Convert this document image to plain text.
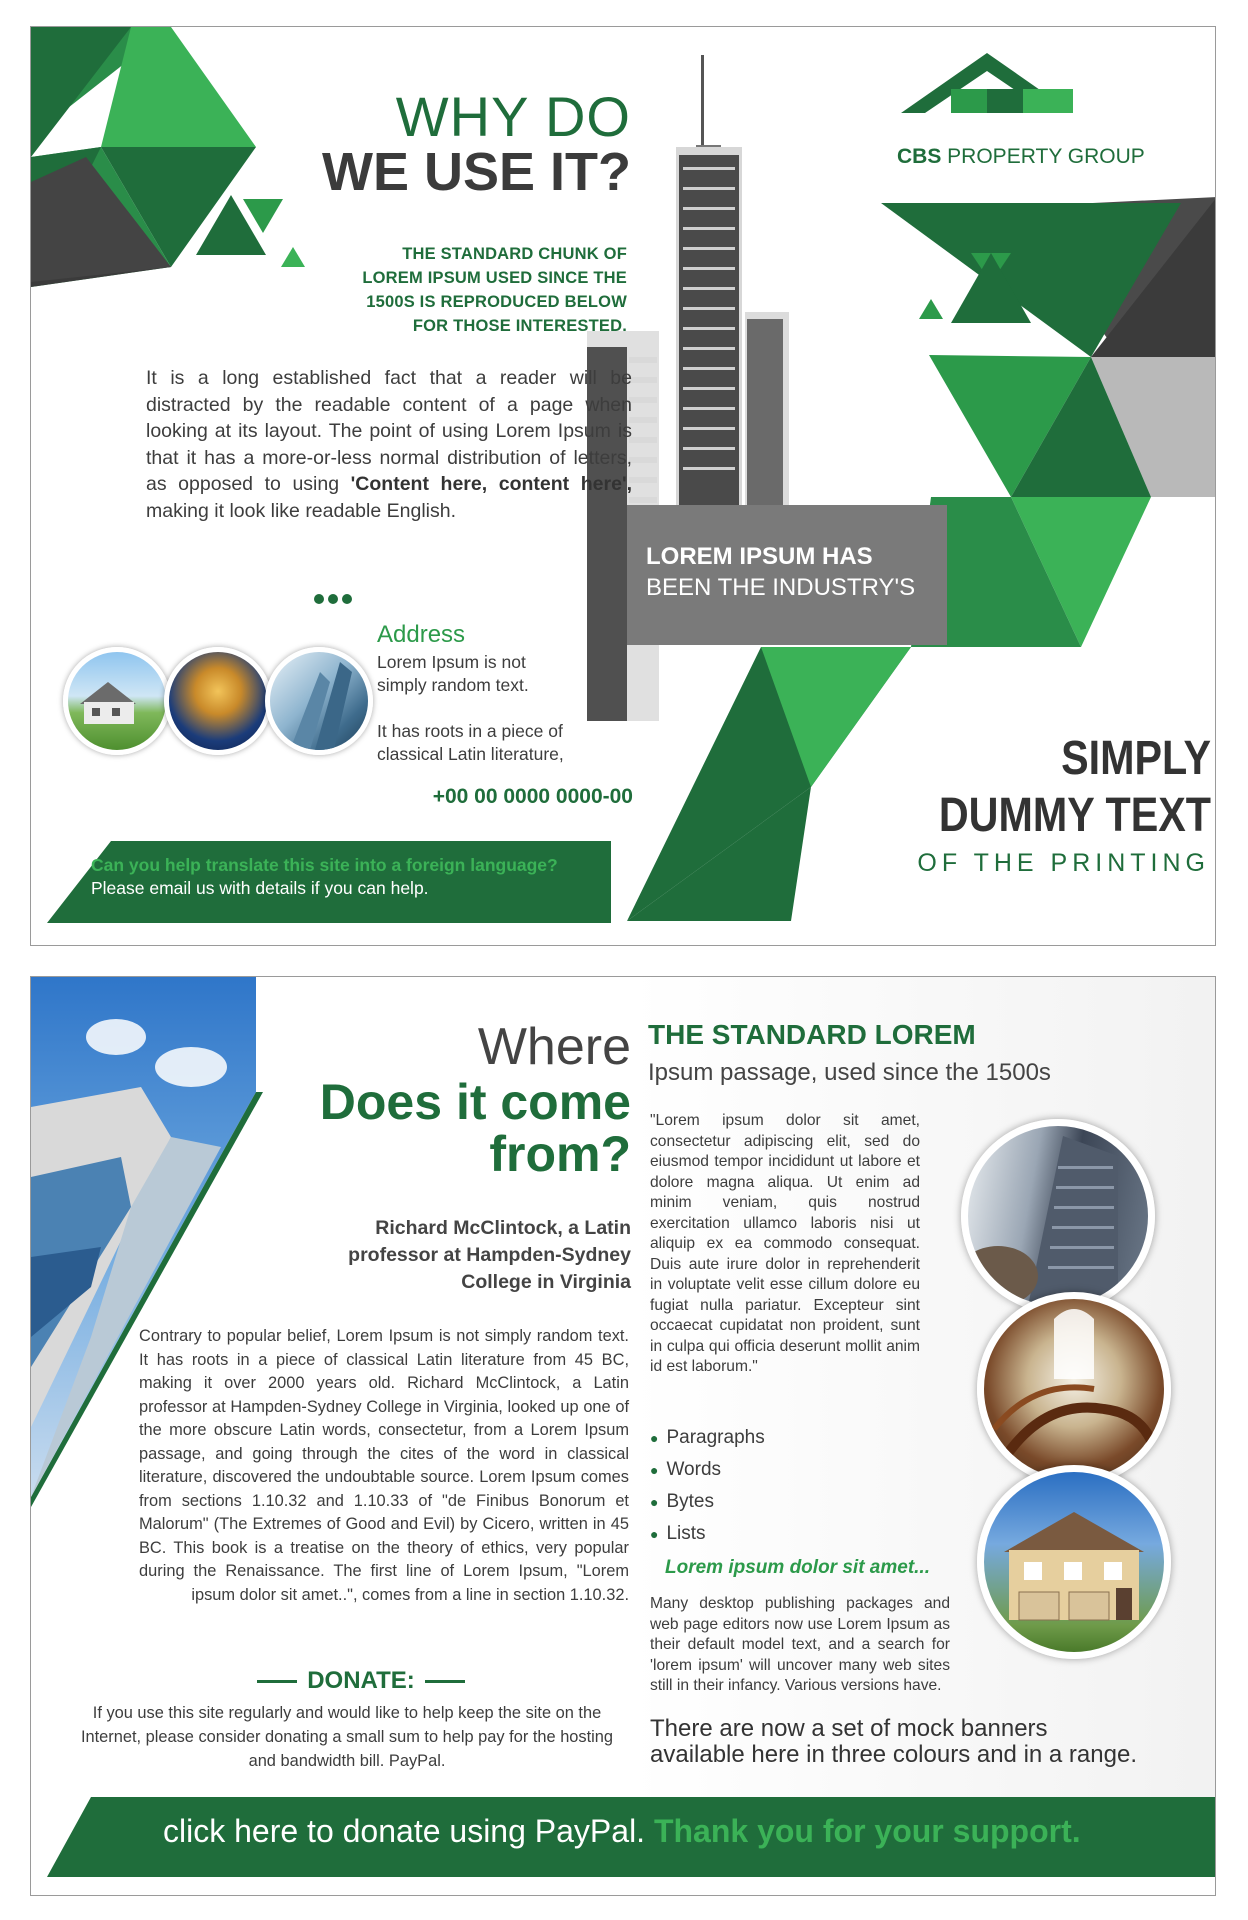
WHY DO
WE USE IT?
THE STANDARD CHUNK OF
LOREM IPSUM USED SINCE THE
1500S IS REPRODUCED BELOW
FOR THOSE INTERESTED.
It is a long established fact that a reader will be distracted by the readable content of a page when looking at its layout. The point of using Lorem Ipsum is that it has a more-or-less normal distribution of letters, as opposed to using 'Content here, content here', making it look like readable English.
Address
Lorem Ipsum is not
simply random text.
It has roots in a piece of
classical Latin literature,
+00 00 0000 0000-00
Can you help translate this site into a foreign language?
Please email us with details if you can help.
CBS PROPERTY GROUP
LOREM IPSUM HAS
BEEN THE INDUSTRY'S
SIMPLY
DUMMY TEXT
OF THE PRINTING
Where
Does it come
from?
Richard McClintock, a Latin
professor at Hampden-Sydney
College in Virginia
Contrary to popular belief, Lorem Ipsum is not simply random text. It has roots in a piece of classical Latin literature from 45 BC, making it over 2000 years old. Richard McClintock, a Latin professor at Hampden-Sydney College in Virginia, looked up one of the more obscure Latin words, consectetur, from a Lorem Ipsum passage, and going through the cites of the word in classical literature, discovered the undoubtable source. Lorem Ipsum comes from sections 1.10.32 and 1.10.33 of "de Finibus Bonorum et Malorum" (The Extremes of Good and Evil) by Cicero, written in 45 BC. This book is a treatise on the theory of ethics, very popular during the Renaissance. The first line of Lorem Ipsum, "Lorem ipsum dolor sit amet..", comes from a line in section 1.10.32.
DONATE:
If you use this site regularly and would like to help keep the site on the Internet, please consider donating a small sum to help pay for the hosting and bandwidth bill. PayPal.
THE STANDARD LOREM
Ipsum passage, used since the 1500s
"Lorem ipsum dolor sit amet, consectetur adipiscing elit, sed do eiusmod tempor incididunt ut labore et dolore magna aliqua. Ut enim ad minim veniam, quis nostrud exercitation ullamco laboris nisi ut aliquip ex ea commodo consequat. Duis aute irure dolor in reprehenderit in voluptate velit esse cillum dolore eu fugiat nulla pariatur. Excepteur sint occaecat cupidatat non proident, sunt in culpa qui officia deserunt mollit anim id est laborum."
● Paragraphs
● Words
● Bytes
● Lists
Lorem ipsum dolor sit amet...
Many desktop publishing packages and web page editors now use Lorem Ipsum as their default model text, and a search for 'lorem ipsum' will uncover many web sites still in their infancy. Various versions have.
There are now a set of mock banners
available here in three colours and in a range.
click here to donate using PayPal. Thank you for your support.
